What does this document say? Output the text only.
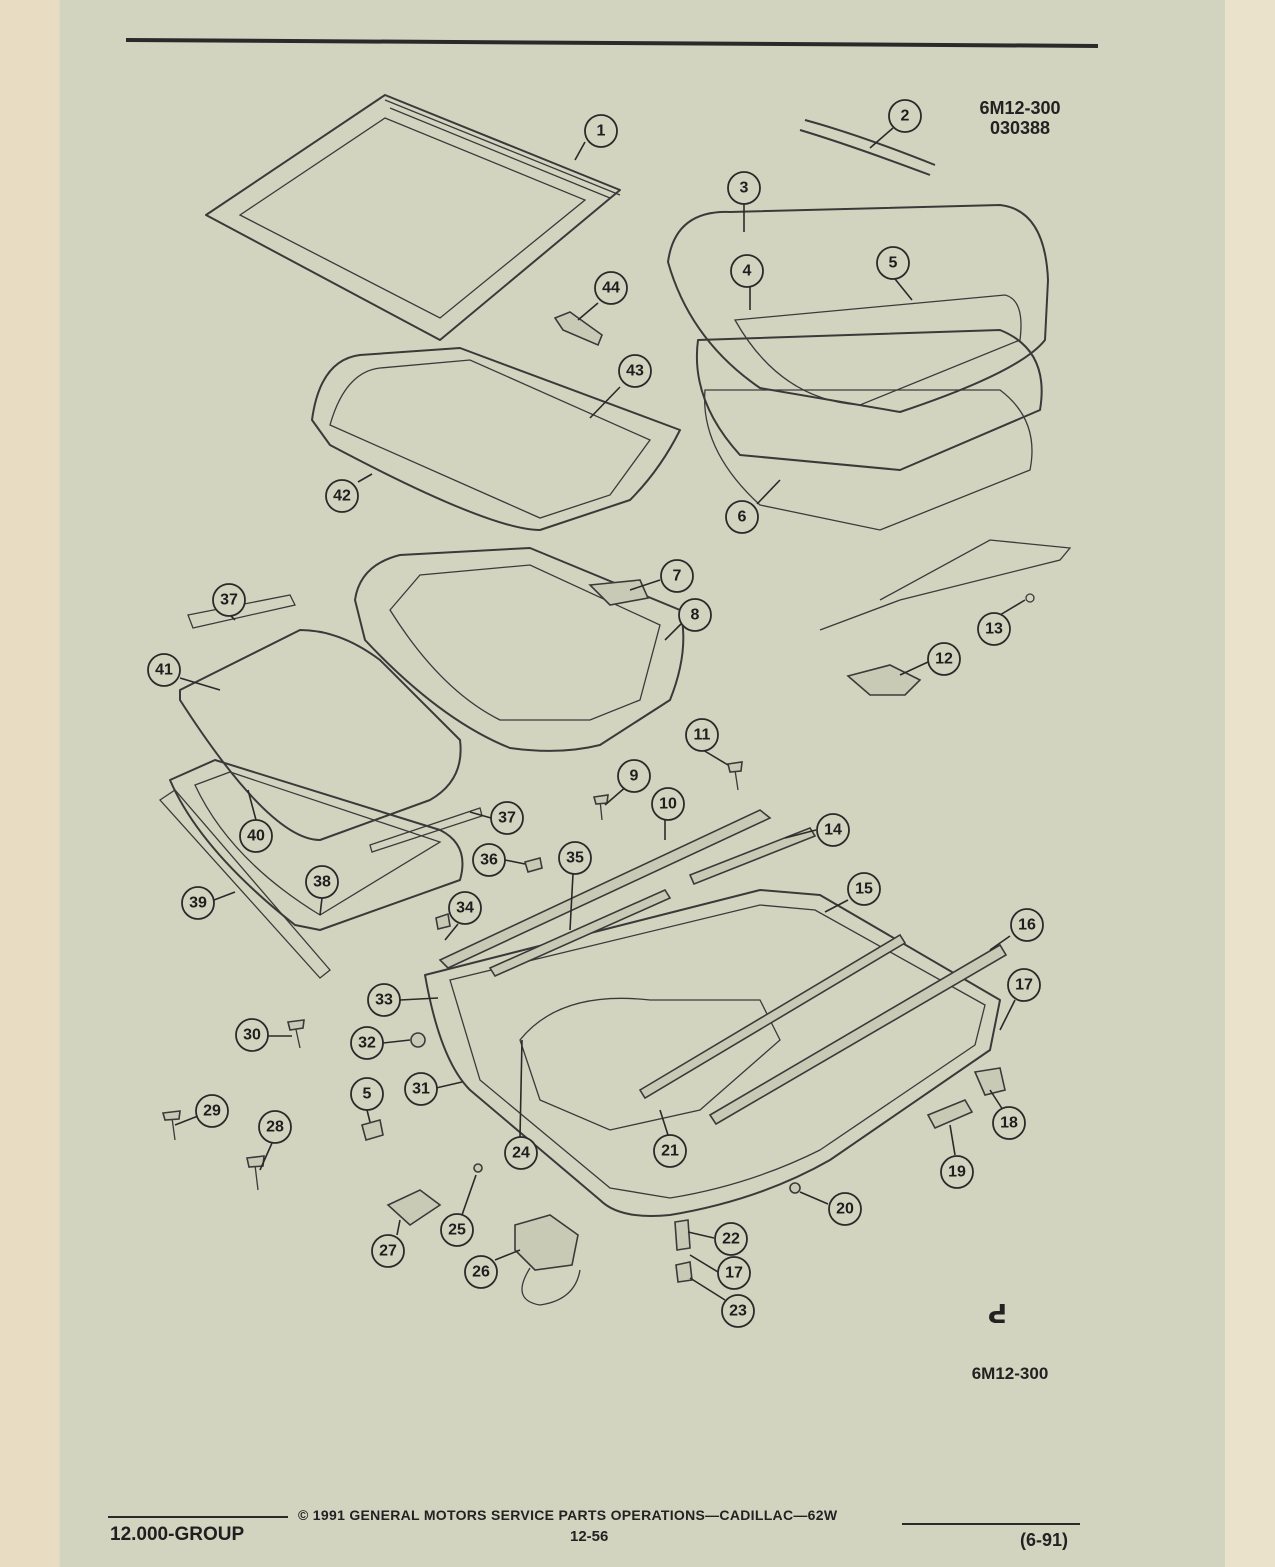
6M12-300
030388
1
2
3
4	5
6
7
8
9
10
11
12
13
14
15
16
17
18
19
20
21
22
17
23
24
25
26
27
28
29
30
5	31
32
33
34
35
36
37
37
38
39
40
41
42
43
44
ᕍ
6M12-300
12.000-GROUP
© 1991 GENERAL MOTORS SERVICE PARTS OPERATIONS—CADILLAC—62W
12-56	(6-91)
